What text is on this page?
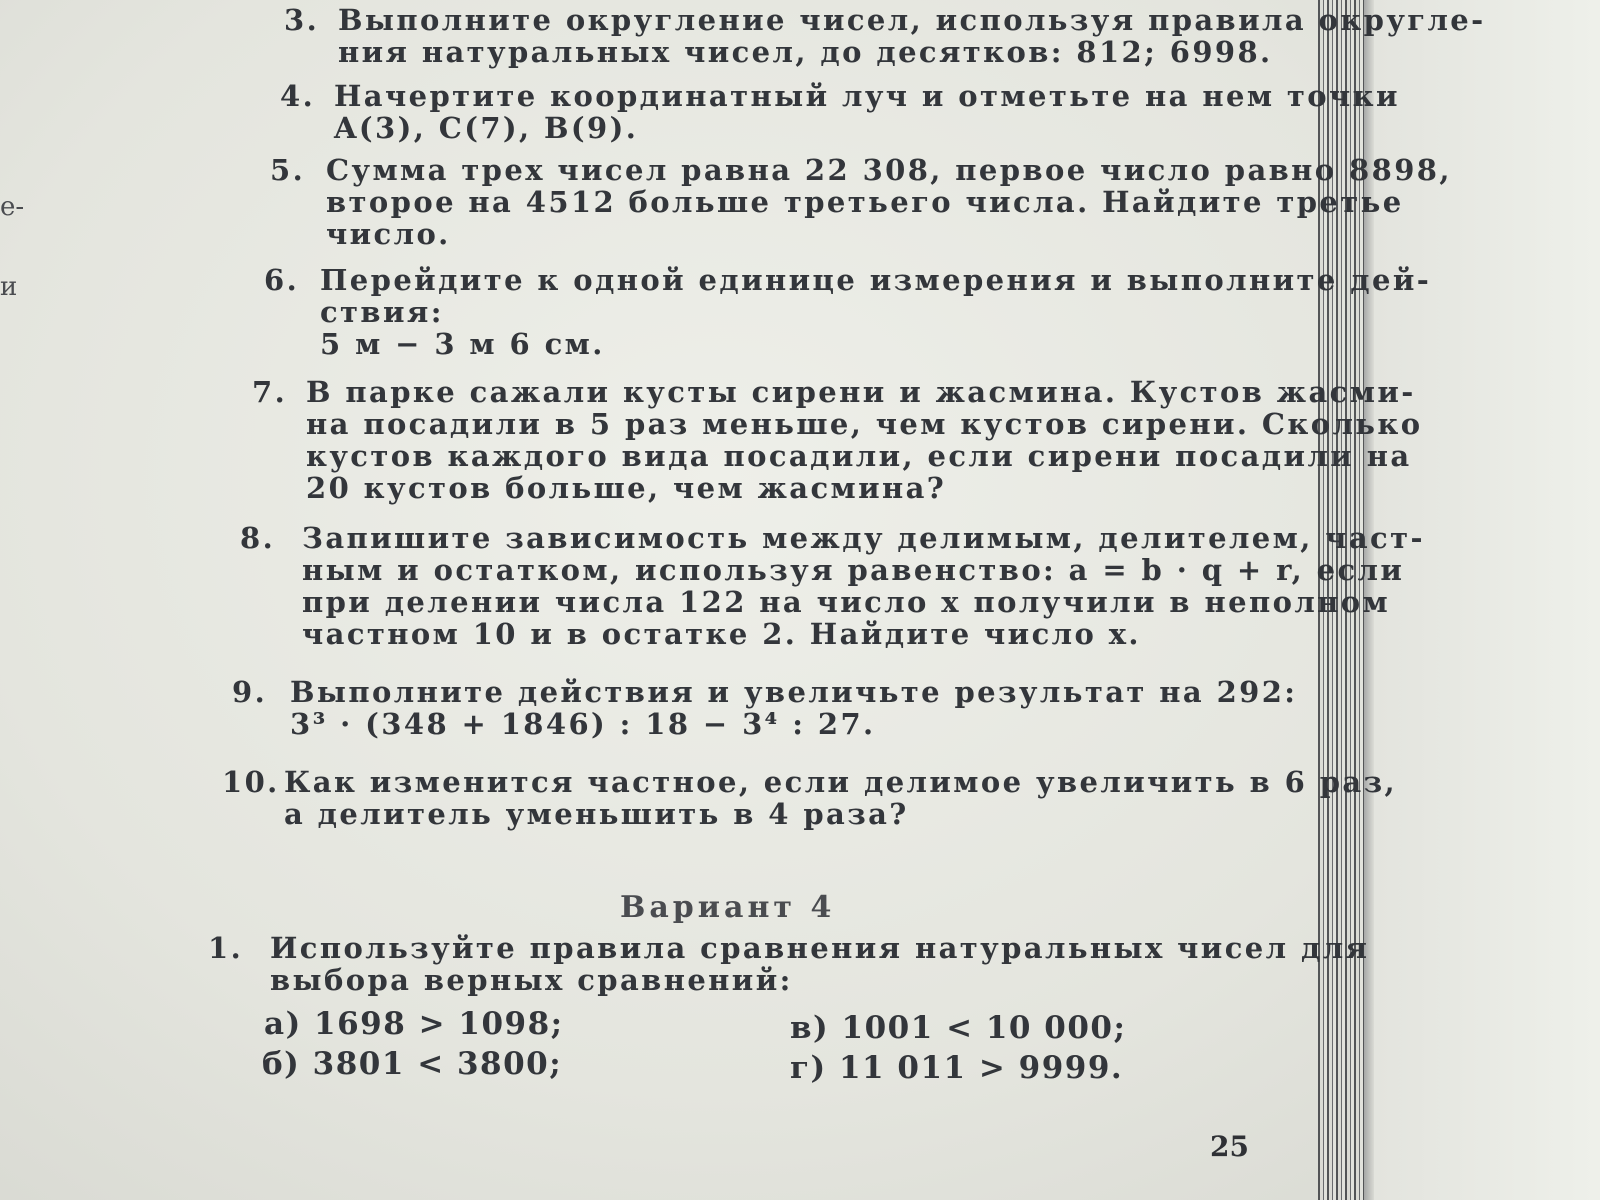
е-
и
3. Выполните округление чисел, используя правила округле-
ния натуральных чисел, до десятков: 812; 6998.
4. Начертите координатный луч и отметьте на нем точки
A(3), C(7), B(9).
5. Сумма трех чисел равна 22 308, первое число равно 8898,
второе на 4512 больше третьего числа. Найдите третье
число.
6. Перейдите к одной единице измерения и выполните дей-
ствия:
5 м − 3 м 6 см.
7. В парке сажали кусты сирени и жасмина. Кустов жасми-
на посадили в 5 раз меньше, чем кустов сирени. Сколько
кустов каждого вида посадили, если сирени посадили на
20 кустов больше, чем жасмина?
8. Запишите зависимость между делимым, делителем, част-
ным и остатком, используя равенство: a = b · q + r, если
при делении числа 122 на число x получили в неполном
частном 10 и в остатке 2. Найдите число x.
9. Выполните действия и увеличьте результат на 292:
3³ · (348 + 1846) : 18 − 3⁴ : 27.
10. Как изменится частное, если делимое увеличить в 6 раз,
а делитель уменьшить в 4 раза?
Вариант 4
1. Используйте правила сравнения натуральных чисел для
выбора верных сравнений:
а) 1698 > 1098;
б) 3801 < 3800;
в) 1001 < 10 000;
г) 11 011 > 9999.
25
